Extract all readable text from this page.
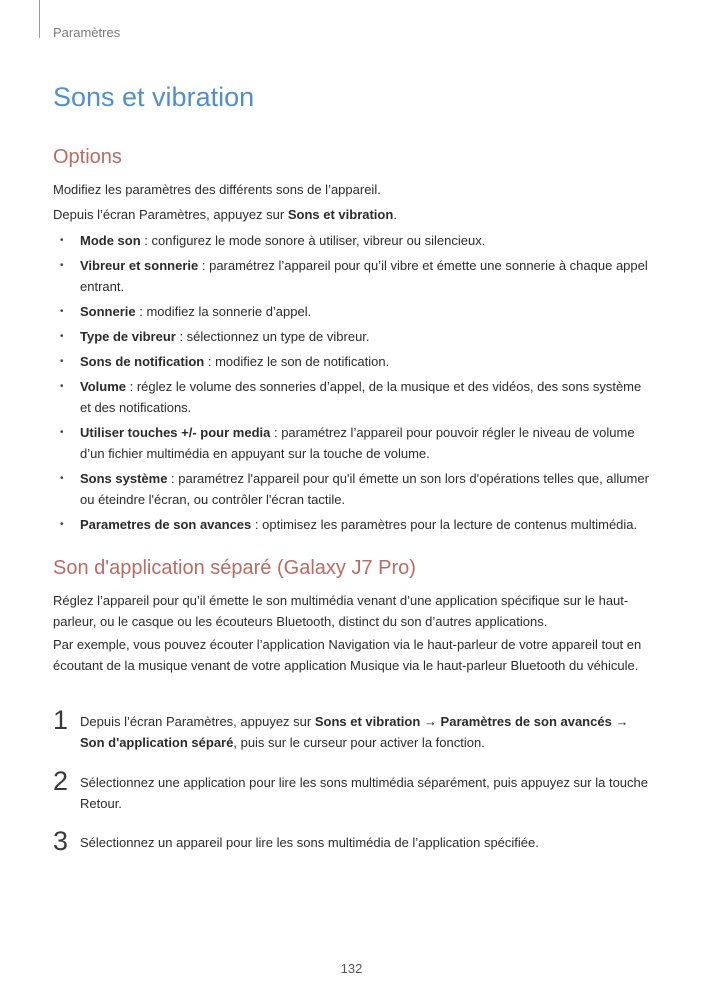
Paramètres
Sons et vibration
Options
Modifiez les paramètres des différents sons de l’appareil.
Depuis l’écran Paramètres, appuyez sur Sons et vibration.
• Mode son : configurez le mode sonore à utiliser, vibreur ou silencieux.
• Vibreur et sonnerie : paramétrez l’appareil pour qu’il vibre et émette une sonnerie à chaque appel entrant.
• Sonnerie : modifiez la sonnerie d’appel.
• Type de vibreur : sélectionnez un type de vibreur.
• Sons de notification : modifiez le son de notification.
• Volume : réglez le volume des sonneries d’appel, de la musique et des vidéos, des sons système et des notifications.
• Utiliser touches +/- pour media : paramétrez l’appareil pour pouvoir régler le niveau de volume d’un fichier multimédia en appuyant sur la touche de volume.
• Sons système : paramétrez l'appareil pour qu'il émette un son lors d'opérations telles que, allumer ou éteindre l'écran, ou contrôler l'écran tactile.
• Parametres de son avances : optimisez les paramètres pour la lecture de contenus multimédia.
Son d'application séparé (Galaxy J7 Pro)
Réglez l’appareil pour qu’il émette le son multimédia venant d’une application spécifique sur le haut-parleur, ou le casque ou les écouteurs Bluetooth, distinct du son d’autres applications.
Par exemple, vous pouvez écouter l’application Navigation via le haut-parleur de votre appareil tout en écoutant de la musique venant de votre application Musique via le haut-parleur Bluetooth du véhicule.
1 Depuis l’écran Paramètres, appuyez sur Sons et vibration → Paramètres de son avancés → Son d'application séparé, puis sur le curseur pour activer la fonction.
2 Sélectionnez une application pour lire les sons multimédia séparément, puis appuyez sur la touche Retour.
3 Sélectionnez un appareil pour lire les sons multimédia de l’application spécifiée.
132
